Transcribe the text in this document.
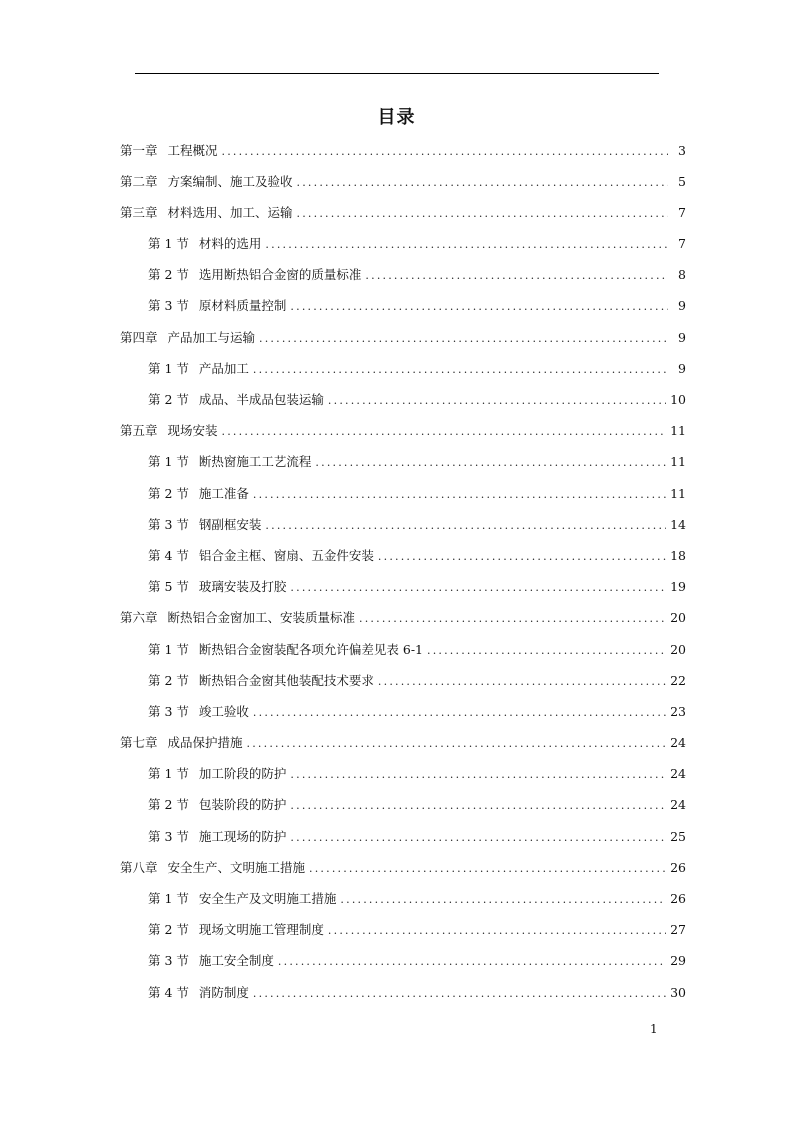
目录
第一章 工程概况 .....	3
第二章 方案编制、施工及验收 .....	5
第三章 材料选用、加工、运输 .....	7
第 1 节 材料的选用 .....	7
第 2 节 选用断热铝合金窗的质量标准 .....	8
第 3 节 原材料质量控制 .....	9
第四章 产品加工与运输 .....	9
第 1 节 产品加工 .....	9
第 2 节 成品、半成品包装运输 .....	10
第五章 现场安装 .....	11
第 1 节 断热窗施工工艺流程 .....	11
第 2 节 施工准备 .....	11
第 3 节 钢副框安装 .....	14
第 4 节 铝合金主框、窗扇、五金件安装 .....	18
第 5 节 玻璃安装及打胶 .....	19
第六章 断热铝合金窗加工、安装质量标准 .....	20
第 1 节 断热铝合金窗装配各项允许偏差见表 6-1 .....	20
第 2 节 断热铝合金窗其他装配技术要求 .....	22
第 3 节 竣工验收 .....	23
第七章 成品保护措施 .....	24
第 1 节 加工阶段的防护 .....	24
第 2 节 包装阶段的防护 .....	24
第 3 节 施工现场的防护 .....	25
第八章 安全生产、文明施工措施 .....	26
第 1 节 安全生产及文明施工措施 .....	26
第 2 节 现场文明施工管理制度 .....	27
第 3 节 施工安全制度 .....	29
第 4 节 消防制度 .....	30
1
